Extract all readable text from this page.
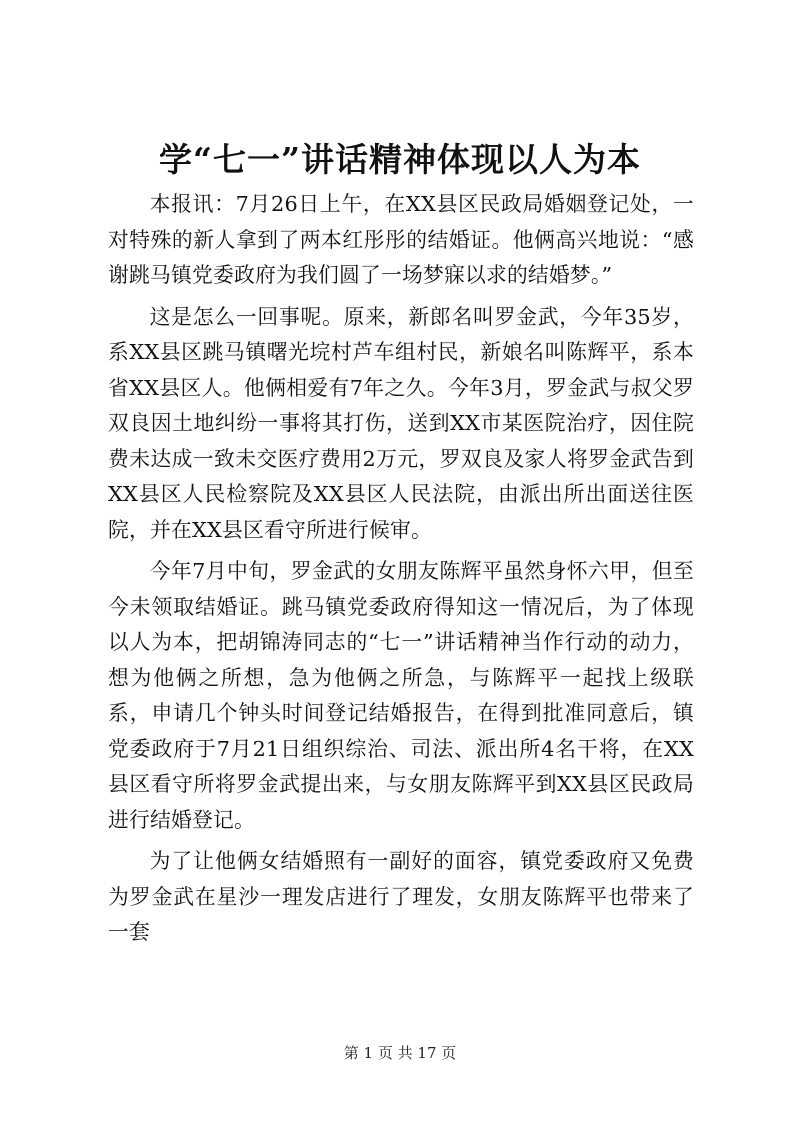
学“七一”讲话精神体现以人为本

本报讯：7月26日上午，在XX县区民政局婚姻登记处，一对特殊的新人拿到了两本红彤彤的结婚证。他俩高兴地说：“感谢跳马镇党委政府为我们圆了一场梦寐以求的结婚梦。”

这是怎么一回事呢。原来，新郎名叫罗金武，今年35岁，系XX县区跳马镇曙光垸村芦车组村民，新娘名叫陈辉平，系本省XX县区人。他俩相爱有7年之久。今年3月，罗金武与叔父罗双良因土地纠纷一事将其打伤，送到XX市某医院治疗，因住院费未达成一致未交医疗费用2万元，罗双良及家人将罗金武告到XX县区人民检察院及XX县区人民法院，由派出所出面送往医院，并在XX县区看守所进行候审。

今年7月中旬，罗金武的女朋友陈辉平虽然身怀六甲，但至今未领取结婚证。跳马镇党委政府得知这一情况后，为了体现以人为本，把胡锦涛同志的“七一”讲话精神当作行动的动力，想为他俩之所想，急为他俩之所急，与陈辉平一起找上级联系，申请几个钟头时间登记结婚报告，在得到批准同意后，镇党委政府于7月21日组织综治、司法、派出所4名干将，在XX县区看守所将罗金武提出来，与女朋友陈辉平到XX县区民政局进行结婚登记。

为了让他俩女结婚照有一副好的面容，镇党委政府又免费为罗金武在星沙一理发店进行了理发，女朋友陈辉平也带来了一套

第 1 页 共 17 页
